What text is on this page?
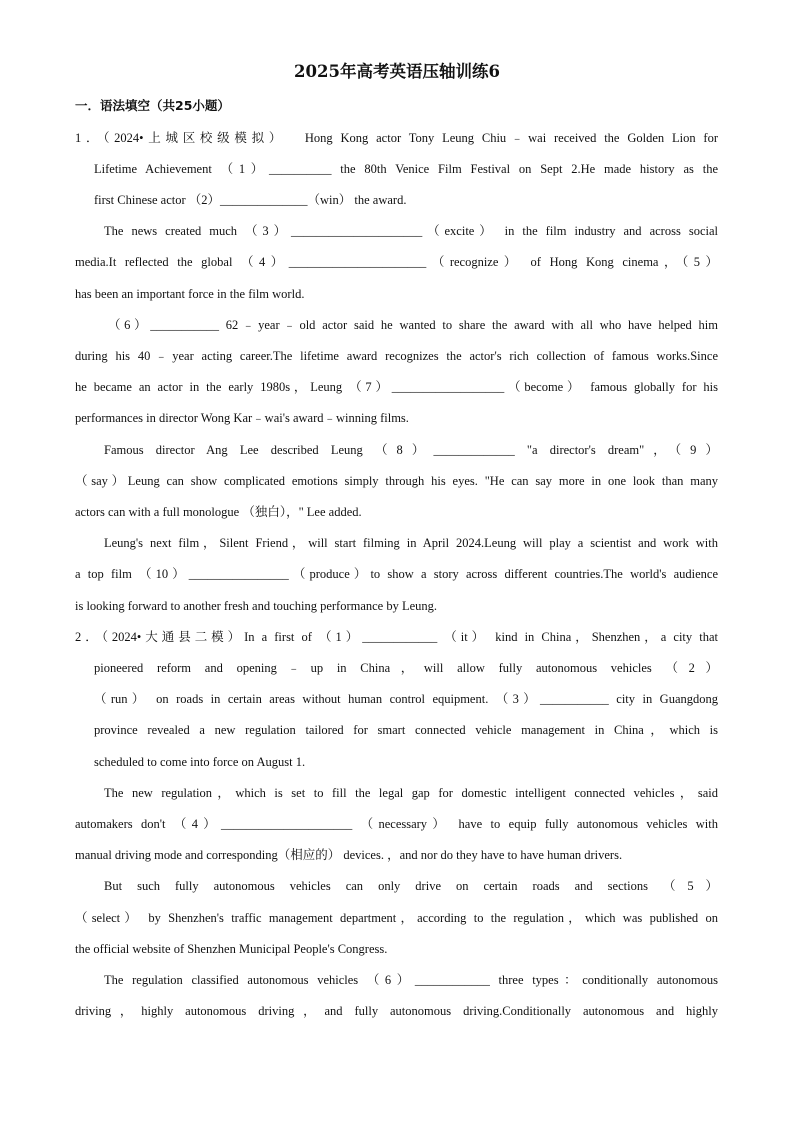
2025年高考英语压轴训练6
一．语法填空（共25小题）
1．（2024•上城区校级模拟）　 Hong Kong actor Tony Leung Chiu﹣wai received the Golden Lion for
Lifetime Achievement （1）__________ the 80th Venice Film Festival on Sept 2.He made history as the
first Chinese actor （2）______________（win） the award.
The news created much （3）_____________________（excite） in the film industry and across social
media.It reflected the global （4）______________________（recognize） of Hong Kong cinema，（5）
has been an important force in the film world.
（6）___________ 62﹣year﹣old actor said he wanted to share the award with all who have helped him
during his 40﹣year acting career.The lifetime award recognizes the actor's rich collection of famous works.Since
he became an actor in the early 1980s，Leung （7）__________________（become） famous globally for his
performances in director Wong Kar﹣wai's award﹣winning films.
Famous director Ang Lee described Leung （8）_____________ "a director's dream"，（9）
（say）Leung can show complicated emotions simply through his eyes. "He can say more in one look than many
actors can with a full monologue （独白），" Lee added.
Leung's next film，Silent Friend，will start filming in April 2024.Leung will play a scientist and work with
a top film （10）________________（produce）to show a story across different countries.The world's audience
is looking forward to another fresh and touching performance by Leung.
2．（2024•大通县二模）In a first of （1）____________ （it） kind in China，Shenzhen，a city that
pioneered reform and opening﹣up in China，will allow fully autonomous vehicles （2）
（run） on roads in certain areas without human control equipment. （3）___________ city in Guangdong
province revealed a new regulation tailored for smart connected vehicle management in China，which is
scheduled to come into force on August 1.
The new regulation，which is set to fill the legal gap for domestic intelligent connected vehicles，said
automakers don't （4）_____________________ （necessary） have to equip fully autonomous vehicles with
manual driving mode and corresponding（相应的） devices. ，and nor do they have to have human drivers.
But such fully autonomous vehicles can only drive on certain roads and sections （5）
（select） by Shenzhen's traffic management department，according to the regulation，which was published on
the official website of Shenzhen Municipal People's Congress.
The regulation classified autonomous vehicles （6）____________ three types：conditionally autonomous
driving，highly autonomous driving，and fully autonomous driving.Conditionally autonomous and highly
